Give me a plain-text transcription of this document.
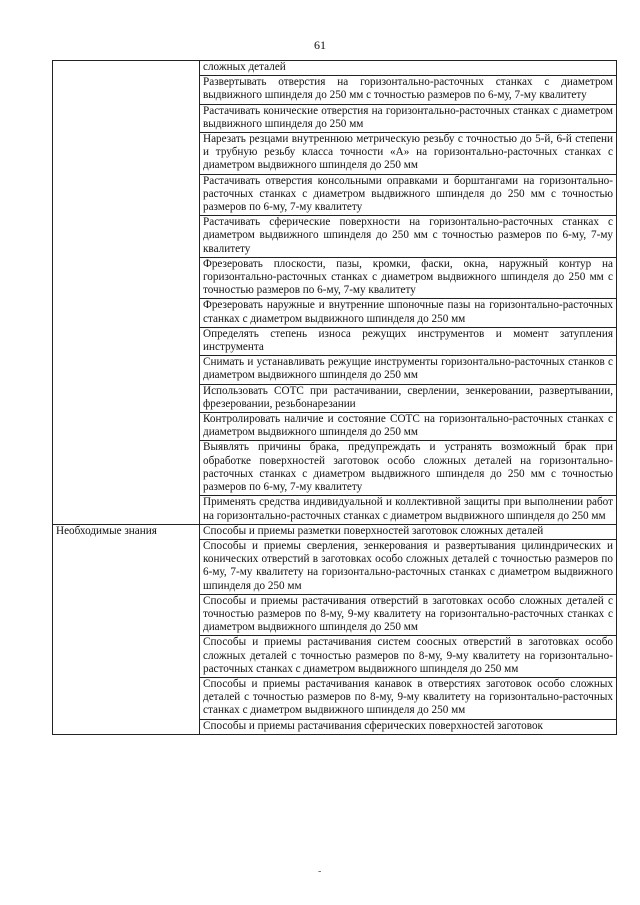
61
	сложных деталей
	Развертывать отверстия на горизонтально-расточных станках с диаметром выдвижного шпинделя до 250 мм с точностью размеров по 6-му, 7-му квалитету
	Растачивать конические отверстия на горизонтально-расточных станках с диаметром выдвижного шпинделя до 250 мм
	Нарезать резцами внутреннюю метрическую резьбу с точностью до 5-й, 6-й степени и трубную резьбу класса точности «А» на горизонтально-расточных станках с диаметром выдвижного шпинделя до 250 мм
	Растачивать отверстия консольными оправками и борштангами на горизонтально-расточных станках с диаметром выдвижного шпинделя до 250 мм с точностью размеров по 6-му, 7-му квалитету
	Растачивать сферические поверхности на горизонтально-расточных станках с диаметром выдвижного шпинделя до 250 мм с точностью размеров по 6-му, 7-му квалитету
	Фрезеровать плоскости, пазы, кромки, фаски, окна, наружный контур на горизонтально-расточных станках с диаметром выдвижного шпинделя до 250 мм с точностью размеров по 6-му, 7-му квалитету
	Фрезеровать наружные и внутренние шпоночные пазы на горизонтально-расточных станках с диаметром выдвижного шпинделя до 250 мм
	Определять степень износа режущих инструментов и момент затупления инструмента
	Снимать и устанавливать режущие инструменты горизонтально-расточных станков с диаметром выдвижного шпинделя до 250 мм
	Использовать СОТС при растачивании, сверлении, зенкеровании, развертывании, фрезеровании, резьбонарезании
	Контролировать наличие и состояние СОТС на горизонтально-расточных станках с диаметром выдвижного шпинделя до 250 мм
	Выявлять причины брака, предупреждать и устранять возможный брак при обработке поверхностей заготовок особо сложных деталей на горизонтально-расточных станках с диаметром выдвижного шпинделя до 250 мм с точностью размеров по 6-му, 7-му квалитету
	Применять средства индивидуальной и коллективной защиты при выполнении работ на горизонтально-расточных станках с диаметром выдвижного шпинделя до 250 мм
Необходимые знания	Способы и приемы разметки поверхностей заготовок сложных деталей
	Способы и приемы сверления, зенкерования и развертывания цилиндрических и конических отверстий в заготовках особо сложных деталей с точностью размеров по 6-му, 7-му квалитету на горизонтально-расточных станках с диаметром выдвижного шпинделя до 250 мм
	Способы и приемы растачивания отверстий в заготовках особо сложных деталей с точностью размеров по 8-му, 9-му квалитету на горизонтально-расточных станках с диаметром выдвижного шпинделя до 250 мм
	Способы и приемы растачивания систем соосных отверстий в заготовках особо сложных деталей с точностью размеров по 8-му, 9-му квалитету на горизонтально-расточных станках с диаметром выдвижного шпинделя до 250 мм
	Способы и приемы растачивания канавок в отверстиях заготовок особо сложных деталей с точностью размеров по 8-му, 9-му квалитету на горизонтально-расточных станках с диаметром выдвижного шпинделя до 250 мм
	Способы и приемы растачивания сферических поверхностей заготовок
-
